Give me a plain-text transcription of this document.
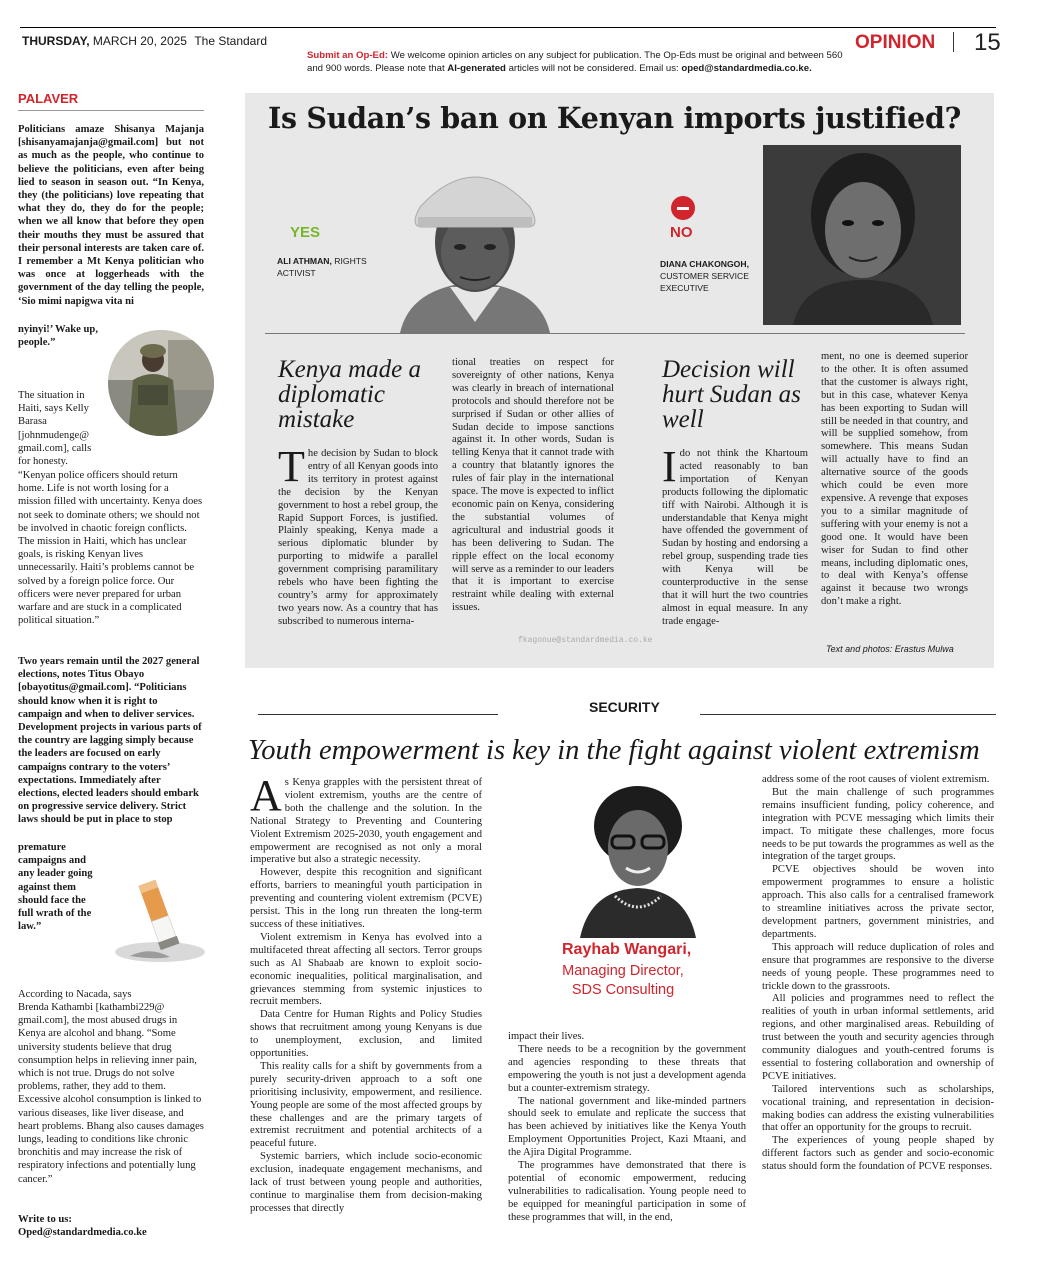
THURSDAY, MARCH 20, 2025 The Standard
Submit an Op-Ed: We welcome opinion articles on any subject for publication. The Op-Eds must be original and between 560 and 900 words. Please note that AI-generated articles will not be considered. Email us: oped@standardmedia.co.ke.
OPINION 15
PALAVER
Politicians amaze Shisanya Majanja [shisanyamajanja@gmail.com] but not as much as the people, who continue to believe the politicians, even after being lied to season in season out. “In Kenya, they (the politicians) love repeating that what they do, they do for the people; when we all know that before they open their mouths they must be assured that their personal interests are taken care of. I remember a Mt Kenya politician who was once at loggerheads with the government of the day telling the people, ‘Sio mimi napigwa vita ni
nyinyi!’ Wake up, people.”
The situation in Haiti, says Kelly Barasa [johnmudenge@ gmail.com], calls for honesty.
“Kenyan police officers should return home. Life is not worth losing for a mission filled with uncertainty. Kenya does not seek to dominate others; we should not be involved in chaotic foreign conflicts. The mission in Haiti, which has unclear goals, is risking Kenyan lives unnecessarily. Haiti’s problems cannot be solved by a foreign police force. Our officers were never prepared for urban warfare and are stuck in a complicated political situation.”
Two years remain until the 2027 general elections, notes Titus Obayo [obayotitus@gmail.com]. “Politicians should know when it is right to campaign and when to deliver services. Development projects in various parts of the country are lagging simply because the leaders are focused on early campaigns contrary to the voters’ expectations. Immediately after elections, elected leaders should embark on progressive service delivery. Strict laws should be put in place to stop
premature campaigns and any leader going against them should face the full wrath of the law.”
According to Nacada, says
Brenda Kathambi [kathambi229@ gmail.com], the most abused drugs in Kenya are alcohol and bhang. “Some university students believe that drug consumption helps in relieving inner pain, which is not true. Drugs do not solve problems, rather, they add to them. Excessive alcohol consumption is linked to various diseases, like liver disease, and heart problems. Bhang also causes damages lungs, leading to conditions like chronic bronchitis and may increase the risk of respiratory infections and potentially lung cancer.”
Write to us:
Oped@standardmedia.co.ke
Is Sudan’s ban on Kenyan imports justified?
YES
ALI ATHMAN, RIGHTS ACTIVIST
NO
DIANA CHAKONGOH, CUSTOMER SERVICE EXECUTIVE
Kenya made a diplomatic mistake
The decision by Sudan to block entry of all Kenyan goods into its territory in protest against the decision by the Kenyan government to host a rebel group, the Rapid Support Forces, is justified. Plainly speaking, Kenya made a serious diplomatic blunder by purporting to midwife a parallel government comprising paramilitary rebels who have been fighting the country’s army for approximately two years now. As a country that has subscribed to numerous interna-
tional treaties on respect for sovereignty of other nations, Kenya was clearly in breach of international protocols and should therefore not be surprised if Sudan or other allies of Sudan decide to impose sanctions against it. In other words, Sudan is telling Kenya that it cannot trade with a country that blatantly ignores the rules of fair play in the international space. The move is expected to inflict economic pain on Kenya, considering the substantial volumes of agricultural and industrial goods it has been delivering to Sudan. The ripple effect on the local economy will serve as a reminder to our leaders that it is important to exercise restraint while dealing with external issues.
Decision will hurt Sudan as well
Ido not think the Khartoum acted reasonably to ban importation of Kenyan products following the diplomatic tiff with Nairobi. Although it is understandable that Kenya might have offended the government of Sudan by hosting and endorsing a rebel group, suspending trade ties with Kenya will be counterproductive in the sense that it will hurt the two countries almost in equal measure. In any trade engage-
ment, no one is deemed superior to the other. It is often assumed that the customer is always right, but in this case, whatever Kenya has been exporting to Sudan will still be needed in that country, and will be supplied somehow, from somewhere. This means Sudan will actually have to find an alternative source of the goods which could be even more expensive. A revenge that exposes you to a similar magnitude of suffering with your enemy is not a good one. It would have been wiser for Sudan to find other means, including diplomatic ones, to deal with Kenya’s offense against it because two wrongs don’t make a right.
fkagonue@standardmedia.co.ke
Text and photos: Erastus Mulwa
SECURITY
Youth empowerment is key in the fight against violent extremism

As Kenya grapples with the persistent threat of violent extremism, youths are the centre of both the challenge and the solution. In the National Strategy to Preventing and Countering Violent Extremism 2025-2030, youth engagement and empowerment are recognised as not only a moral imperative but also a strategic necessity.

However, despite this recognition and significant efforts, barriers to meaningful youth participation in preventing and countering violent extremism (PCVE) persist. This in the long run threaten the long-term success of these initiatives.

Violent extremism in Kenya has evolved into a multifaceted threat affecting all sectors. Terror groups such as Al Shabaab are known to exploit socio-economic inequalities, political marginalisation, and grievances stemming from systemic injustices to recruit members.

Data Centre for Human Rights and Policy Studies shows that recruitment among young Kenyans is due to unemployment, exclusion, and limited opportunities.

This reality calls for a shift by governments from a purely security-driven approach to a soft one prioritising inclusivity, empowerment, and resilience. Young people are some of the most affected groups by these challenges and are the primary targets of extremist recruitment and potential architects of a peaceful future.

Systemic barriers, which include socio-economic exclusion, inadequate engagement mechanisms, and lack of trust between young people and authorities, continue to marginalise them from decision-making processes that directly

Rayhab Wangari,
Managing Director,
SDS Consulting

impact their lives.

There needs to be a recognition by the government and agencies responding to these threats that empowering the youth is not just a development agenda but a counter-extremism strategy.

The national government and like-minded partners should seek to emulate and replicate the success that has been achieved by initiatives like the Kenya Youth Employment Opportunities Project, Kazi Mtaani, and the Ajira Digital Programme.

The programmes have demonstrated that there is potential of economic empowerment, reducing vulnerabilities to radicalisation. Young people need to be equipped for meaningful participation in some of these programmes that will, in the end,

address some of the root causes of violent extremism.

But the main challenge of such programmes remains insufficient funding, policy coherence, and integration with PCVE messaging which limits their impact. To mitigate these challenges, more focus needs to be put towards the programmes as well as the integration of the target groups.

PCVE objectives should be woven into empowerment programmes to ensure a holistic approach. This also calls for a centralised framework to streamline initiatives across the private sector, development partners, government ministries, and departments.

This approach will reduce duplication of roles and ensure that programmes are responsive to the diverse needs of young people. These programmes need to trickle down to the grassroots.

All policies and programmes need to reflect the realities of youth in urban informal settlements, arid regions, and other marginalised areas. Rebuilding of trust between the youth and security agencies through community dialogues and youth-centred forums is essential to fostering collaboration and ownership of PCVE initiatives.

Tailored interventions such as scholarships, vocational training, and representation in decision-making bodies can address the existing vulnerabilities that offer an opportunity for the groups to recruit.

The experiences of young people shaped by different factors such as gender and socio-economic status should form the foundation of PCVE responses.
